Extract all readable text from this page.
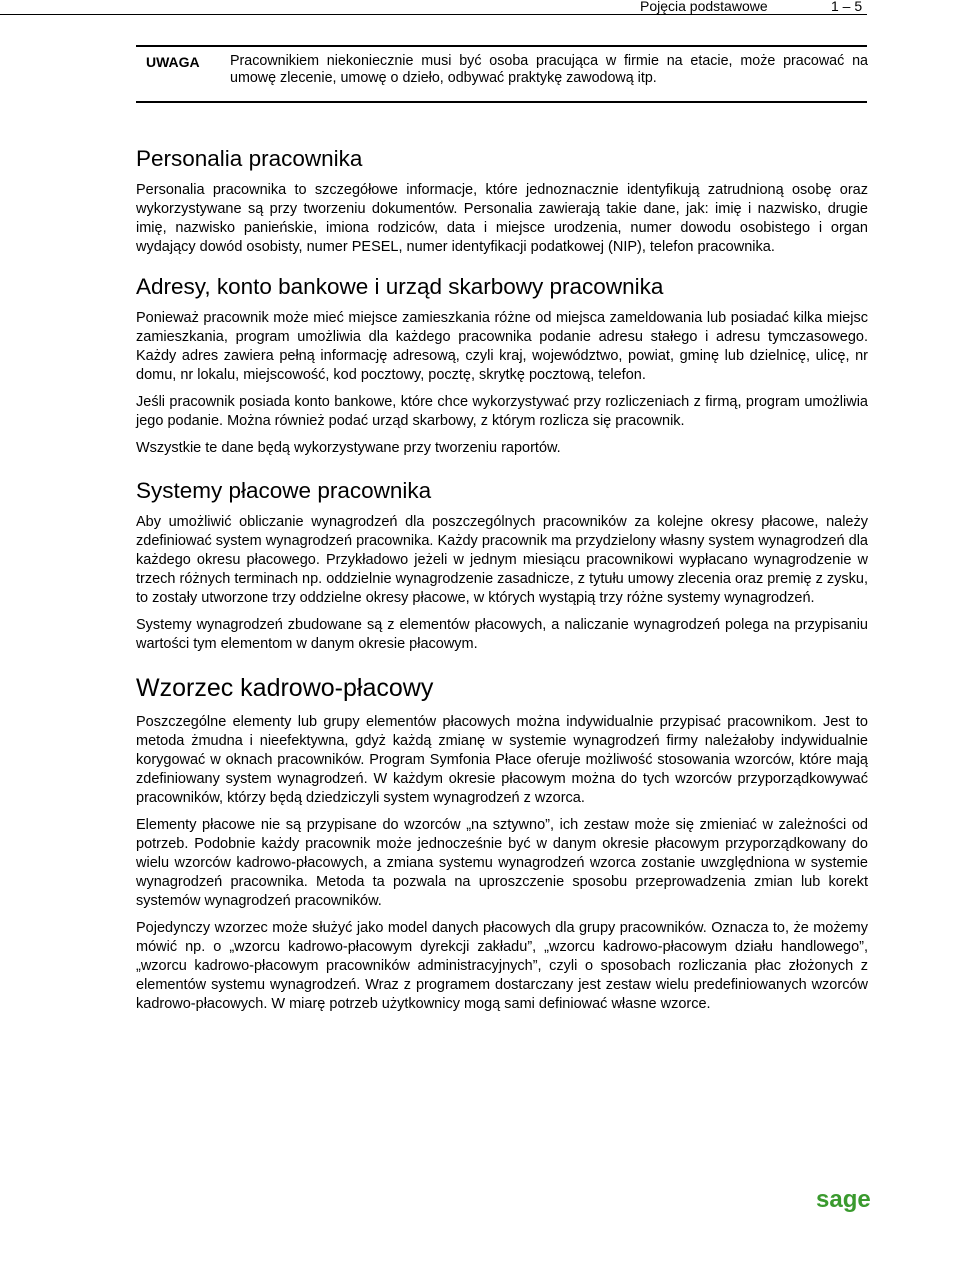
Pojęcia podstawowe	1 – 5
UWAGA Pracownikiem niekoniecznie musi być osoba pracująca w firmie na etacie, może pracować na umowę zlecenie, umowę o dzieło, odbywać praktykę zawodową itp.
Personalia pracownika

Personalia pracownika to szczegółowe informacje, które jednoznacznie identyfikują zatrudnioną osobę oraz wykorzystywane są przy tworzeniu dokumentów. Personalia zawierają takie dane, jak: imię i nazwisko, drugie imię, nazwisko panieńskie, imiona rodziców, data i miejsce urodzenia, numer dowodu osobistego i organ wydający dowód osobisty, numer PESEL, numer identyfikacji podatkowej (NIP), telefon pracownika.

Adresy, konto bankowe i urząd skarbowy pracownika

Ponieważ pracownik może mieć miejsce zamieszkania różne od miejsca zameldowania lub posiadać kilka miejsc zamieszkania, program umożliwia dla każdego pracownika podanie adresu stałego i adresu tymczasowego. Każdy adres zawiera pełną informację adresową, czyli kraj, województwo, powiat, gminę lub dzielnicę, ulicę, nr domu, nr lokalu, miejscowość, kod pocztowy, pocztę, skrytkę pocztową, telefon.

Jeśli pracownik posiada konto bankowe, które chce wykorzystywać przy rozliczeniach z firmą, program umożliwia jego podanie. Można również podać urząd skarbowy, z którym rozlicza się pracownik.

Wszystkie te dane będą wykorzystywane przy tworzeniu raportów.

Systemy płacowe pracownika

Aby umożliwić obliczanie wynagrodzeń dla poszczególnych pracowników za kolejne okresy płacowe, należy zdefiniować system wynagrodzeń pracownika. Każdy pracownik ma przydzielony własny system wynagrodzeń dla każdego okresu płacowego. Przykładowo jeżeli w jednym miesiącu pracownikowi wypłacano wynagrodzenie w trzech różnych terminach np. oddzielnie wynagrodzenie zasadnicze, z tytułu umowy zlecenia oraz premię z zysku, to zostały utworzone trzy oddzielne okresy płacowe, w których wystąpią trzy różne systemy wynagrodzeń.

Systemy wynagrodzeń zbudowane są z elementów płacowych, a naliczanie wynagrodzeń polega na przypisaniu wartości tym elementom w danym okresie płacowym.

Wzorzec kadrowo-płacowy

Poszczególne elementy lub grupy elementów płacowych można indywidualnie przypisać pracownikom. Jest to metoda żmudna i nieefektywna, gdyż każdą zmianę w systemie wynagrodzeń firmy należałoby indywidualnie korygować w oknach pracowników. Program Symfonia Płace oferuje możliwość stosowania wzorców, które mają zdefiniowany system wynagrodzeń. W każdym okresie płacowym można do tych wzorców przyporządkowywać pracowników, którzy będą dziedziczyli system wynagrodzeń z wzorca.

Elementy płacowe nie są przypisane do wzorców „na sztywno”, ich zestaw może się zmieniać w zależności od potrzeb. Podobnie każdy pracownik może jednocześnie być w danym okresie płacowym przyporządkowany do wielu wzorców kadrowo-płacowych, a zmiana systemu wynagrodzeń wzorca zostanie uwzględniona w systemie wynagrodzeń pracownika. Metoda ta pozwala na uproszczenie sposobu przeprowadzenia zmian lub korekt systemów wynagrodzeń pracowników.

Pojedynczy wzorzec może służyć jako model danych płacowych dla grupy pracowników. Oznacza to, że możemy mówić np. o „wzorcu kadrowo-płacowym dyrekcji zakładu”, „wzorcu kadrowo-płacowym działu handlowego”, „wzorcu kadrowo-płacowym pracowników administracyjnych”, czyli o sposobach rozliczania płac złożonych z elementów systemu wynagrodzeń. Wraz z programem dostarczany jest zestaw wielu predefiniowanych wzorców kadrowo-płacowych. W miarę potrzeb użytkownicy mogą sami definiować własne wzorce.

sage
